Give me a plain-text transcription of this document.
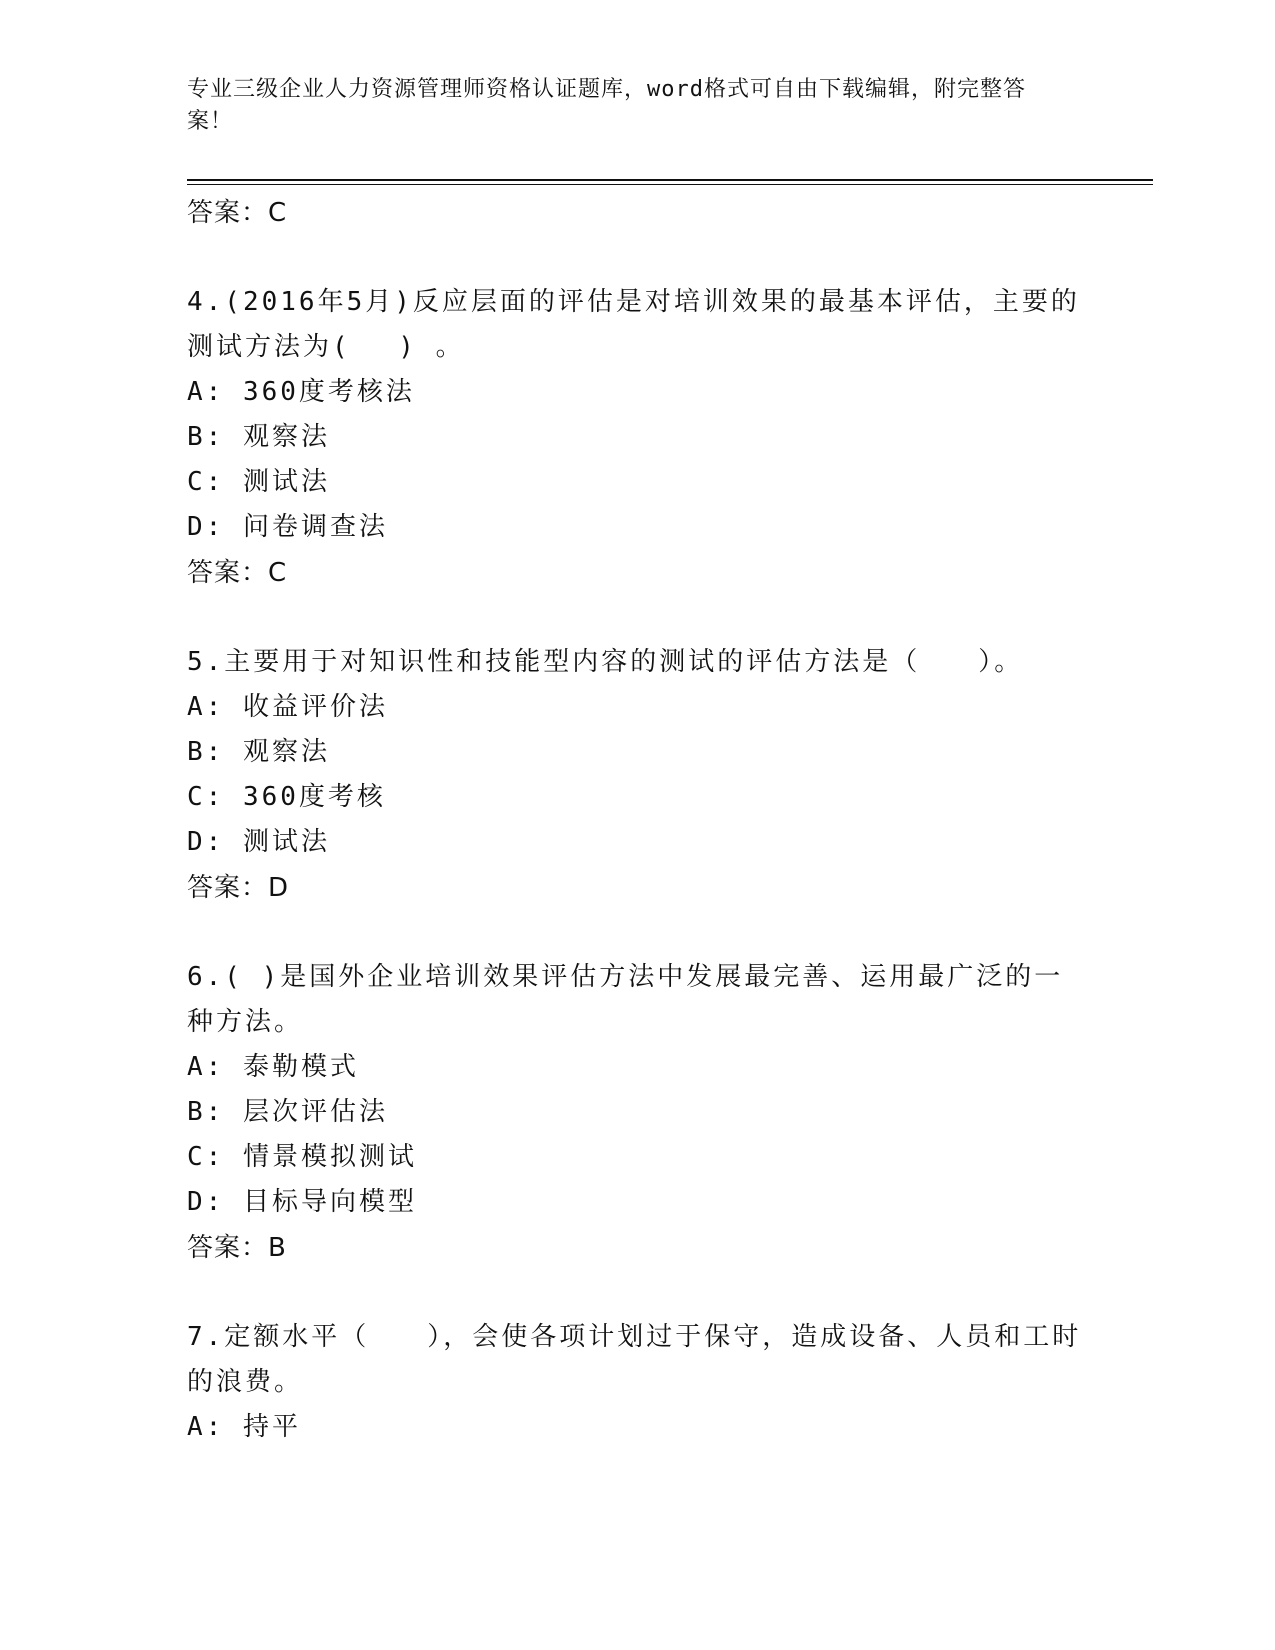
专业三级企业人力资源管理师资格认证题库，word格式可自由下载编辑，附完整答案！
答案：C
4.(2016年5月)反应层面的评估是对培训效果的最基本评估，主要的测试方法为(　 ) 。
A: 360度考核法
B: 观察法
C: 测试法
D: 问卷调查法
答案：C
5.主要用于对知识性和技能型内容的测试的评估方法是（　　）。
A: 收益评价法
B: 观察法
C: 360度考核
D: 测试法
答案：D
6.( )是国外企业培训效果评估方法中发展最完善、运用最广泛的一种方法。
A: 泰勒模式
B: 层次评估法
C: 情景模拟测试
D: 目标导向模型
答案：B
7.定额水平（　　），会使各项计划过于保守，造成设备、人员和工时的浪费。
A: 持平
